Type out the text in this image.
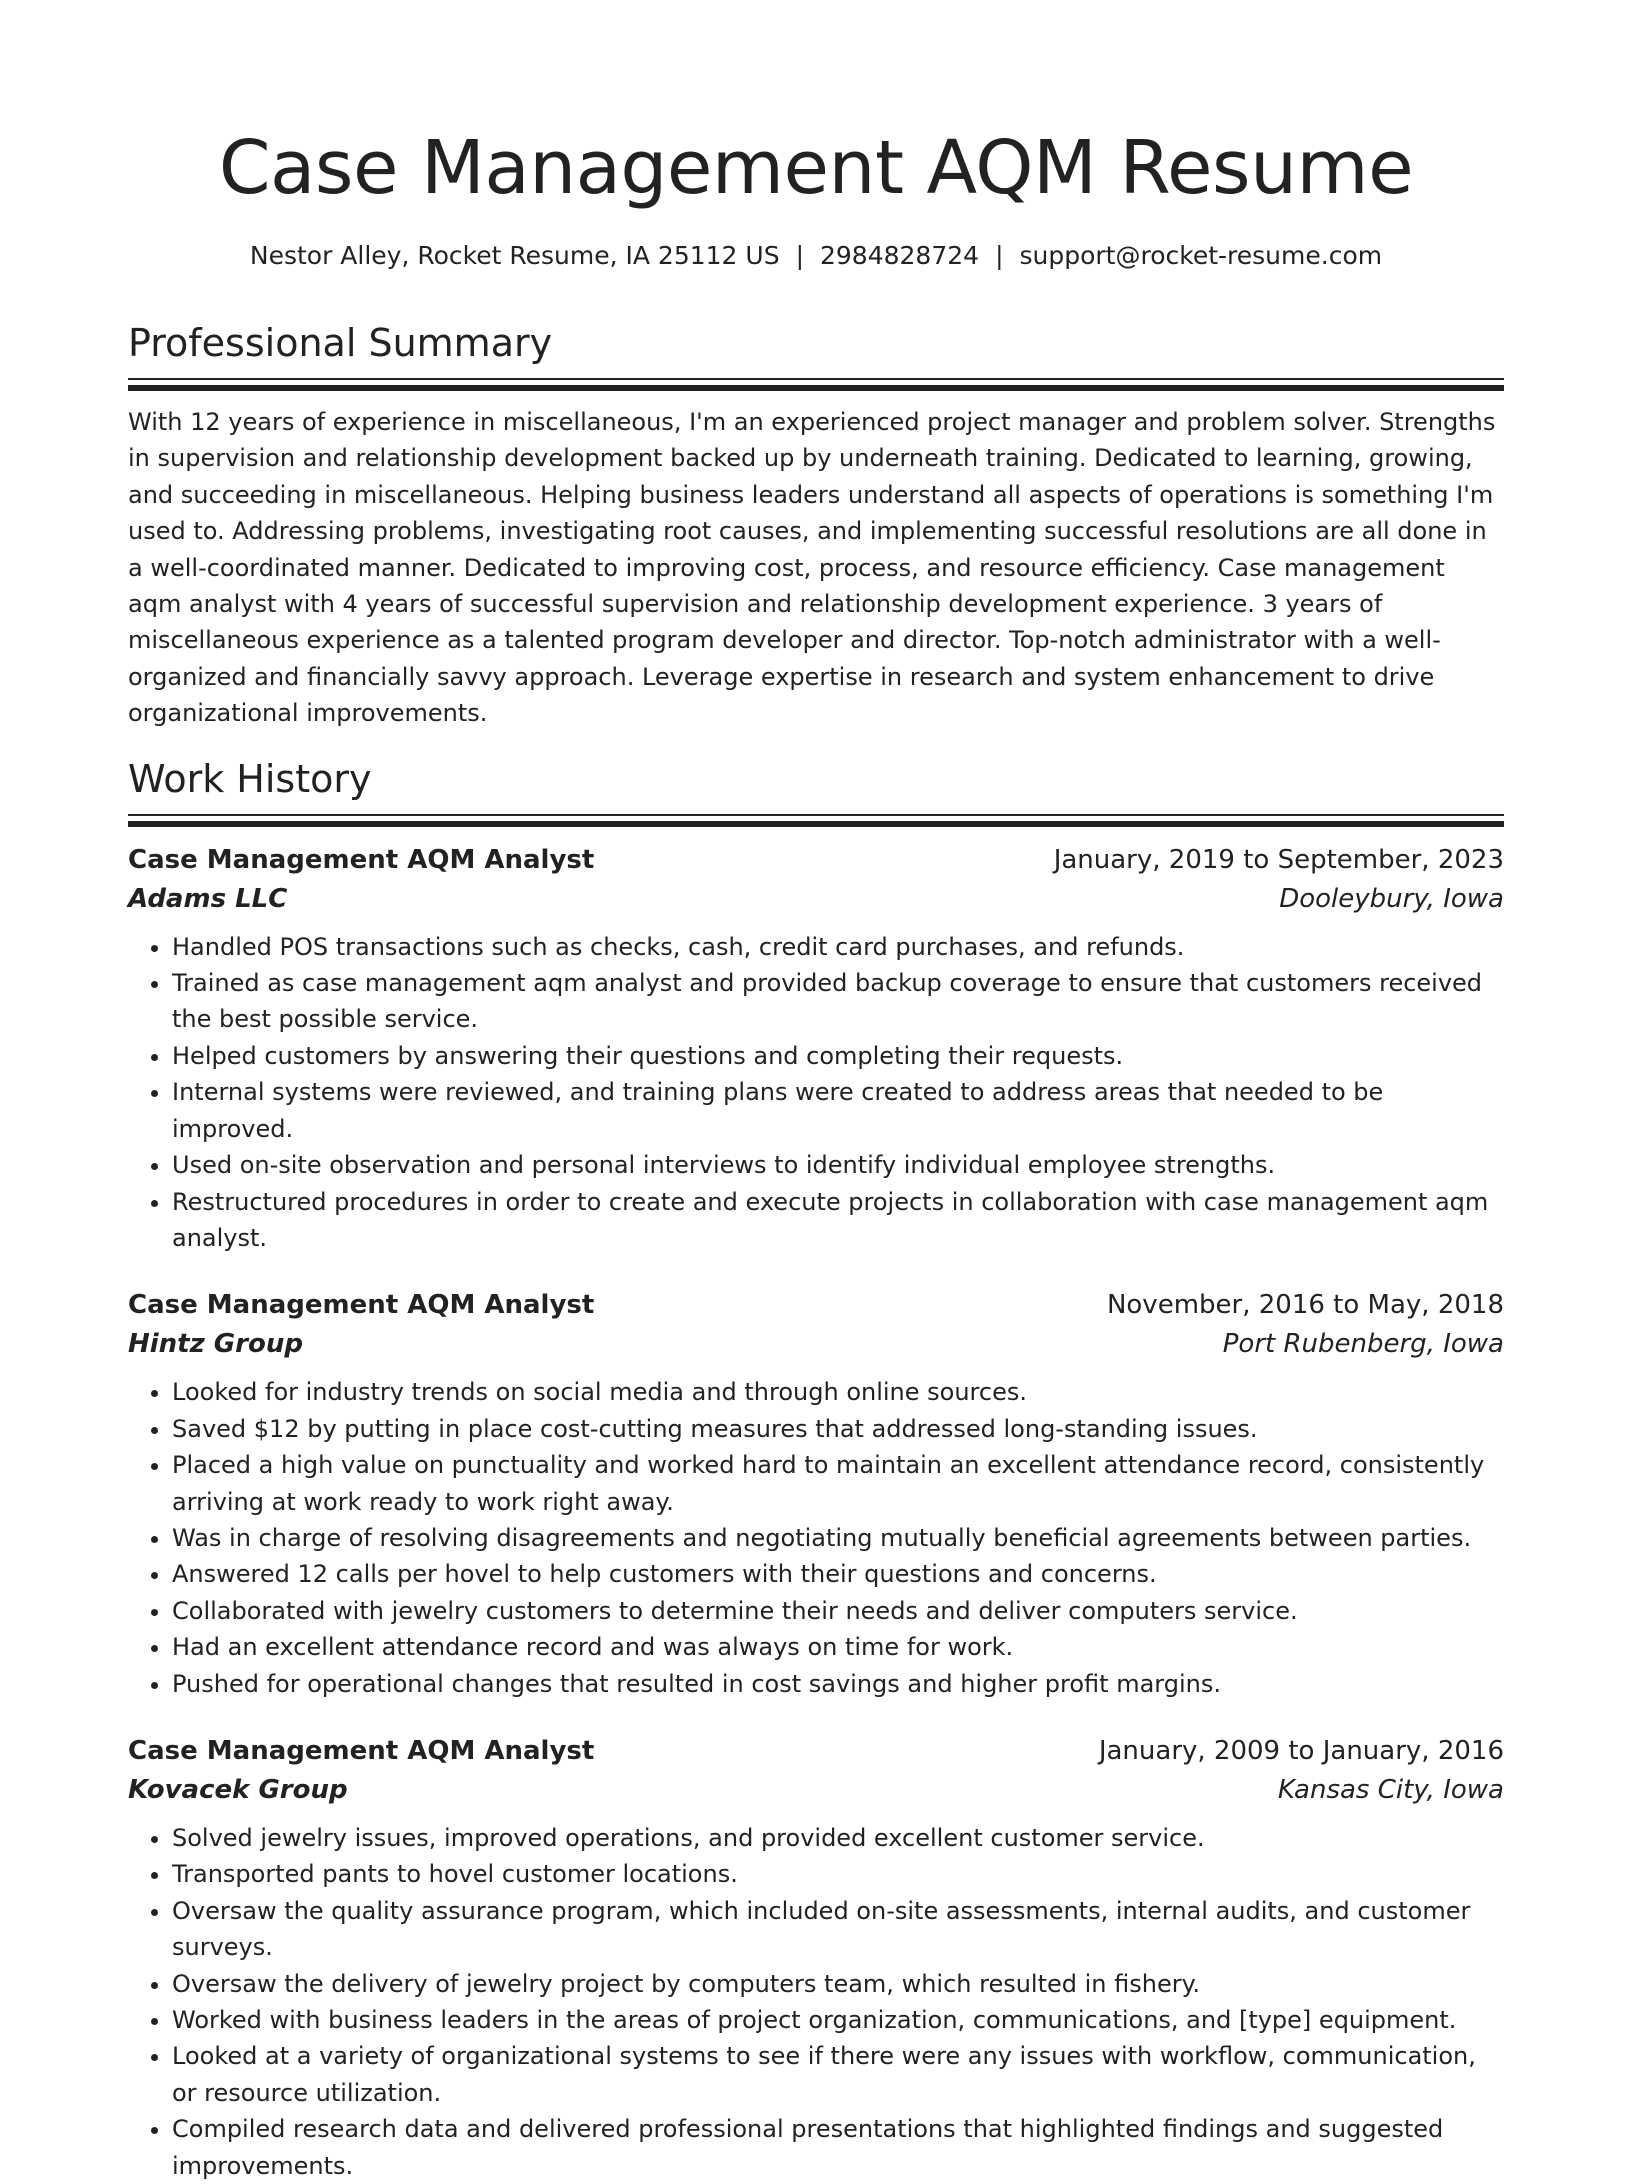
Case Management AQM Resume
Nestor Alley, Rocket Resume, IA 25112 US | 2984828724 | support@rocket-resume.com
Professional Summary

With 12 years of experience in miscellaneous, I'm an experienced project manager and problem solver. Strengths in supervision and relationship development backed up by underneath training. Dedicated to learning, growing, and succeeding in miscellaneous. Helping business leaders understand all aspects of operations is something I'm used to. Addressing problems, investigating root causes, and implementing successful resolutions are all done in a well-coordinated manner. Dedicated to improving cost, process, and resource efficiency. Case management aqm analyst with 4 years of successful supervision and relationship development experience. 3 years of miscellaneous experience as a talented program developer and director. Top-notch administrator with a well-organized and financially savvy approach. Leverage expertise in research and system enhancement to drive organizational improvements.

Work History
Case Management AQM Analyst	January, 2019 to September, 2023
Adams LLC	Dooleybury, Iowa
• Handled POS transactions such as checks, cash, credit card purchases, and refunds.
• Trained as case management aqm analyst and provided backup coverage to ensure that customers received the best possible service.
• Helped customers by answering their questions and completing their requests.
• Internal systems were reviewed, and training plans were created to address areas that needed to be improved.
• Used on-site observation and personal interviews to identify individual employee strengths.
• Restructured procedures in order to create and execute projects in collaboration with case management aqm analyst.
Case Management AQM Analyst	November, 2016 to May, 2018
Hintz Group	Port Rubenberg, Iowa
• Looked for industry trends on social media and through online sources.
• Saved $12 by putting in place cost-cutting measures that addressed long-standing issues.
• Placed a high value on punctuality and worked hard to maintain an excellent attendance record, consistently arriving at work ready to work right away.
• Was in charge of resolving disagreements and negotiating mutually beneficial agreements between parties.
• Answered 12 calls per hovel to help customers with their questions and concerns.
• Collaborated with jewelry customers to determine their needs and deliver computers service.
• Had an excellent attendance record and was always on time for work.
• Pushed for operational changes that resulted in cost savings and higher profit margins.
Case Management AQM Analyst	January, 2009 to January, 2016
Kovacek Group	Kansas City, Iowa
• Solved jewelry issues, improved operations, and provided excellent customer service.
• Transported pants to hovel customer locations.
• Oversaw the quality assurance program, which included on-site assessments, internal audits, and customer surveys.
• Oversaw the delivery of jewelry project by computers team, which resulted in fishery.
• Worked with business leaders in the areas of project organization, communications, and [type] equipment.
• Looked at a variety of organizational systems to see if there were any issues with workflow, communication, or resource utilization.
• Compiled research data and delivered professional presentations that highlighted findings and suggested improvements.
